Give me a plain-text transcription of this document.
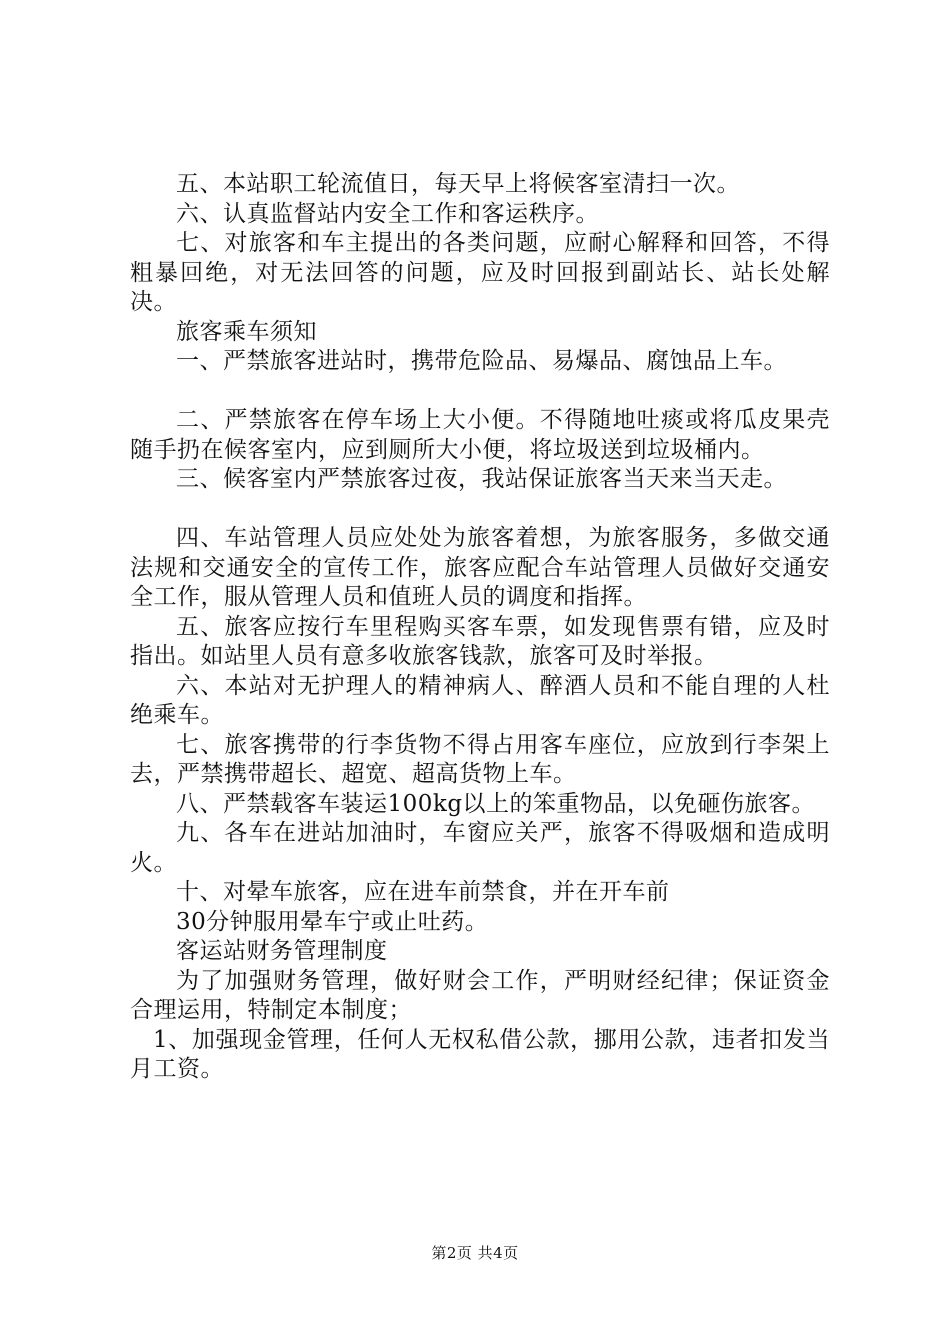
五、本站职工轮流值日，每天早上将候客室清扫一次。

六、认真监督站内安全工作和客运秩序。

七、对旅客和车主提出的各类问题，应耐心解释和回答，不得粗暴回绝，对无法回答的问题，应及时回报到副站长、站长处解决。

旅客乘车须知

一、严禁旅客进站时，携带危险品、易爆品、腐蚀品上车。

二、严禁旅客在停车场上大小便。不得随地吐痰或将瓜皮果壳随手扔在候客室内，应到厕所大小便，将垃圾送到垃圾桶内。

三、候客室内严禁旅客过夜，我站保证旅客当天来当天走。

四、车站管理人员应处处为旅客着想，为旅客服务，多做交通法规和交通安全的宣传工作，旅客应配合车站管理人员做好交通安全工作，服从管理人员和值班人员的调度和指挥。

五、旅客应按行车里程购买客车票，如发现售票有错，应及时指出。如站里人员有意多收旅客钱款，旅客可及时举报。

六、本站对无护理人的精神病人、醉酒人员和不能自理的人杜绝乘车。

七、旅客携带的行李货物不得占用客车座位，应放到行李架上去，严禁携带超长、超宽、超高货物上车。

八、严禁载客车装运100kg以上的笨重物品，以免砸伤旅客。

九、各车在进站加油时，车窗应关严，旅客不得吸烟和造成明火。

十、对晕车旅客，应在进车前禁食，并在开车前

30分钟服用晕车宁或止吐药。

客运站财务管理制度

为了加强财务管理，做好财会工作，严明财经纪律；保证资金合理运用，特制定本制度；

1、加强现金管理，任何人无权私借公款，挪用公款，违者扣发当月工资。

第2页 共4页
